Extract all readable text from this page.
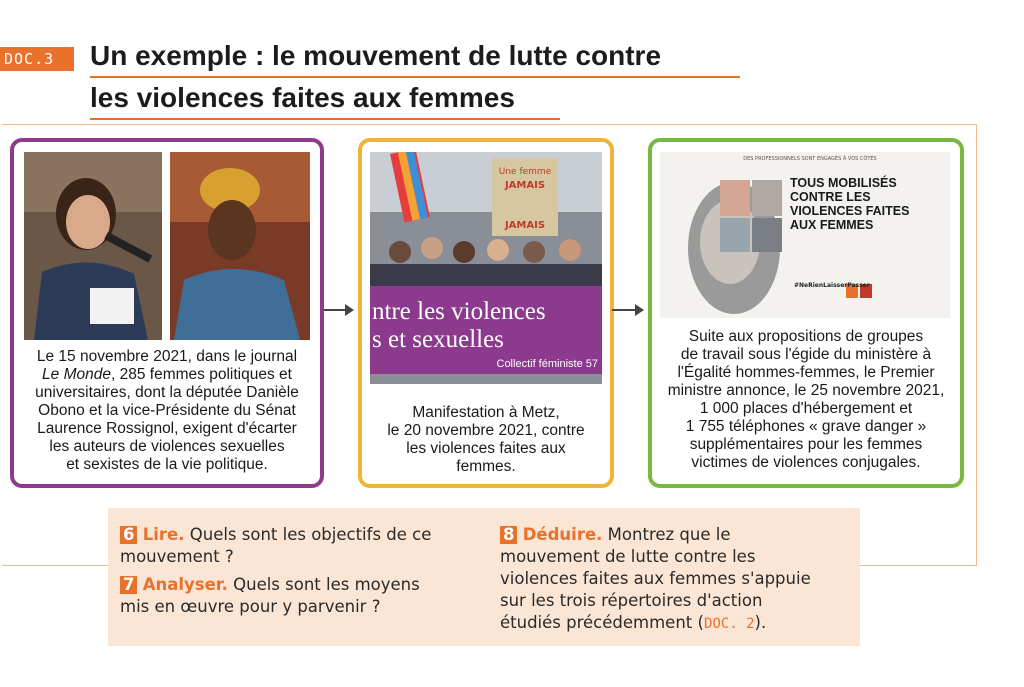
DOC.3	Un exemple : le mouvement de lutte contre
les violences faites aux femmes
Le 15 novembre 2021, dans le journal
Le Monde, 285 femmes politiques et
universitaires, dont la députée Danièle
Obono et la vice-Présidente du Sénat
Laurence Rossignol, exigent d'écarter
les auteurs de violences sexuelles
et sexistes de la vie politique.
Une femme
JAMAIS
JAMAIS
ntre les violences
s et sexuelles
Collectif féministe 57
Manifestation à Metz,
le 20 novembre 2021, contre
les violences faites aux
femmes.
DES PROFESSIONNELS SONT ENGAGÉS À VOS CÔTÉS
TOUS MOBILISÉS
CONTRE LES
VIOLENCES FAITES
AUX FEMMES
#NeRienLaisserPasser
Suite aux propositions de groupes
de travail sous l'égide du ministère à
l'Égalité hommes-femmes, le Premier
ministre annonce, le 25 novembre 2021,
1 000 places d'hébergement et
1 755 téléphones « grave danger »
supplémentaires pour les femmes
victimes de violences conjugales.
6 Lire. Quels sont les objectifs de ce
mouvement ?
7 Analyser. Quels sont les moyens
mis en œuvre pour y parvenir ?
8 Déduire. Montrez que le
mouvement de lutte contre les
violences faites aux femmes s'appuie
sur les trois répertoires d'action
étudiés précédemment (DOC. 2).
